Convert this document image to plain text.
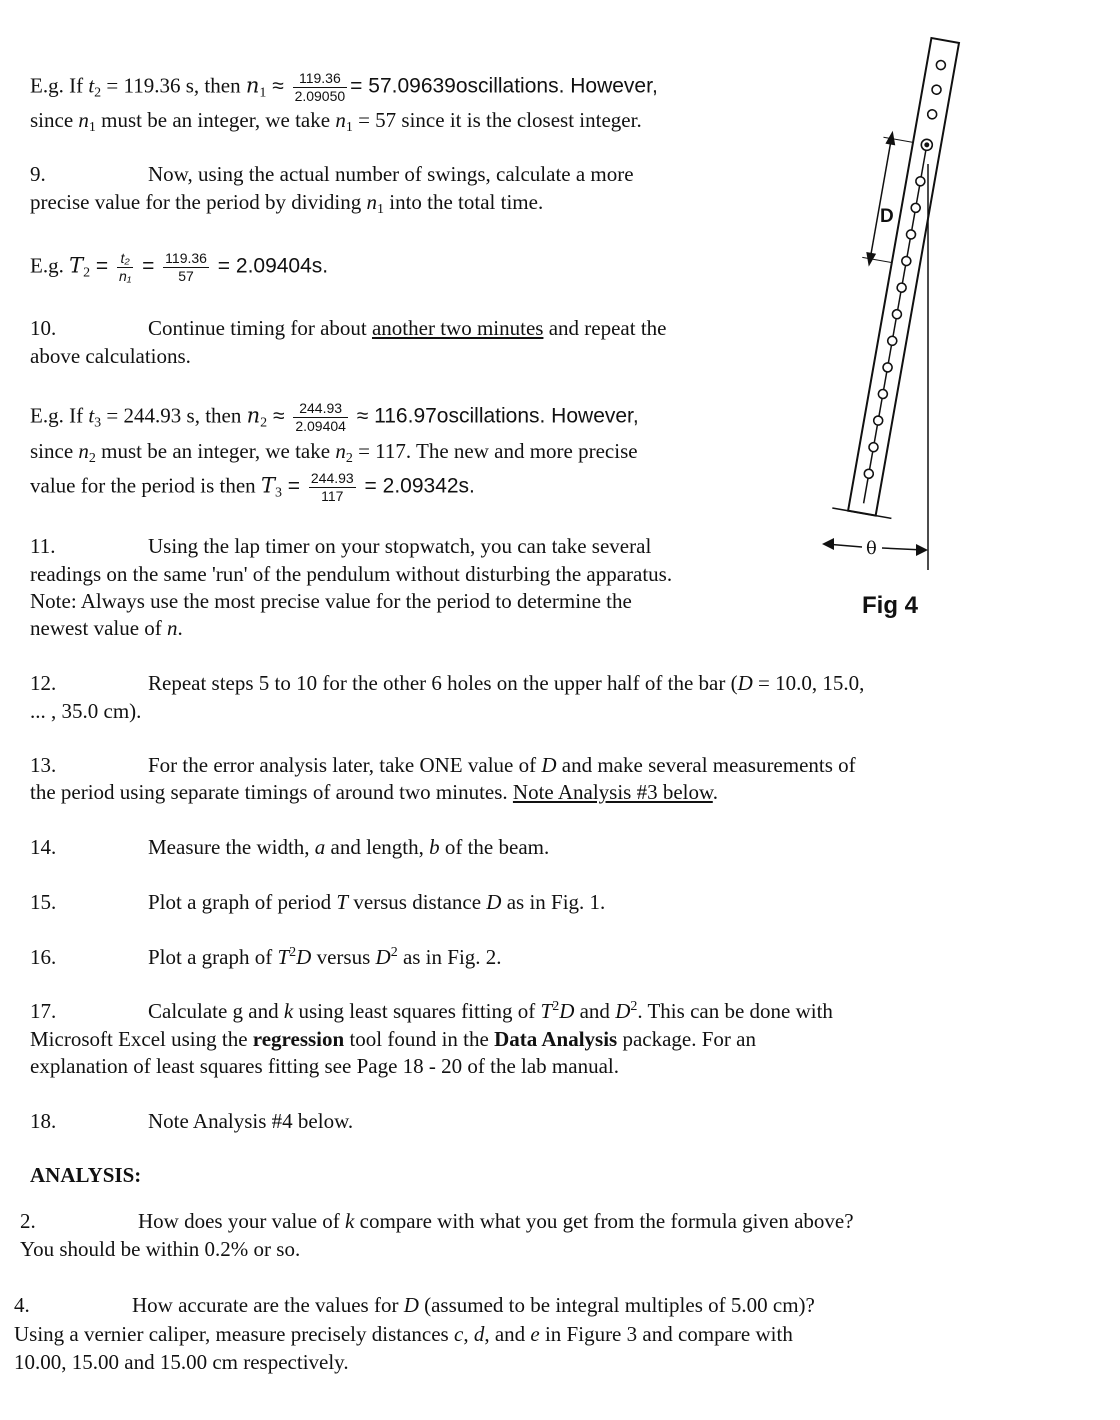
E.g. If $t_2 = 119.36$ s, then $n_1 \approx \frac{119.36}{2.09050}$ = 57.09639oscillations. However,
since $n_1$ must be an integer, we take $n_1 = 57$ since it is the closest integer.
9.	Now, using the actual number of swings, calculate a more
precise value for the period by dividing $n_1$ into the total time.
E.g. $T_2 = \frac{\text{t₂}}{\text{n₁}} = \frac{119.36}{57} = 2.09404s$.
10.	Continue timing for about another two minutes and repeat the
above calculations.
E.g. If $t_3 = 244.93$ s, then $n_2 \approx \frac{244.93}{2.09404}$ ≈ 116.97oscillations. However,
since $n_2$ must be an integer, we take $n_2 = 117$. The new and more precise
value for the period is then $T_3 = \frac{244.93}{117} = 2.09342s$.
11.	Using the lap timer on your stopwatch, you can take several
readings on the same 'run' of the pendulum without disturbing the apparatus.
Note: Always use the most precise value for the period to determine the
newest value of n.
12.	Repeat steps 5 to 10 for the other 6 holes on the upper half of the bar (D = 10.0, 15.0,
... , 35.0 cm).
13.	For the error analysis later, take ONE value of D and make several measurements of
the period using separate timings of around two minutes. Note Analysis #3 below.
14.	Measure the width, a and length, b of the beam.
15.	Plot a graph of period T versus distance D as in Fig. 1.
16.	Plot a graph of $T^2D$ versus $D^2$ as in Fig. 2.
17.	Calculate g and k using least squares fitting of $T^2D$ and $D^2$. This can be done with
Microsoft Excel using the regression tool found in the Data Analysis package. For an
explanation of least squares fitting see Page 18 - 20 of the lab manual.
18.	Note Analysis #4 below.
ANALYSIS:
2.	How does your value of k compare with what you get from the formula given above?
You should be within 0.2% or so.
4.	How accurate are the values for D (assumed to be integral multiples of 5.00 cm)?
Using a vernier caliper, measure precisely distances c, d, and e in Figure 3 and compare with
10.00, 15.00 and 15.00 cm respectively.
D
θ
Fig 4
